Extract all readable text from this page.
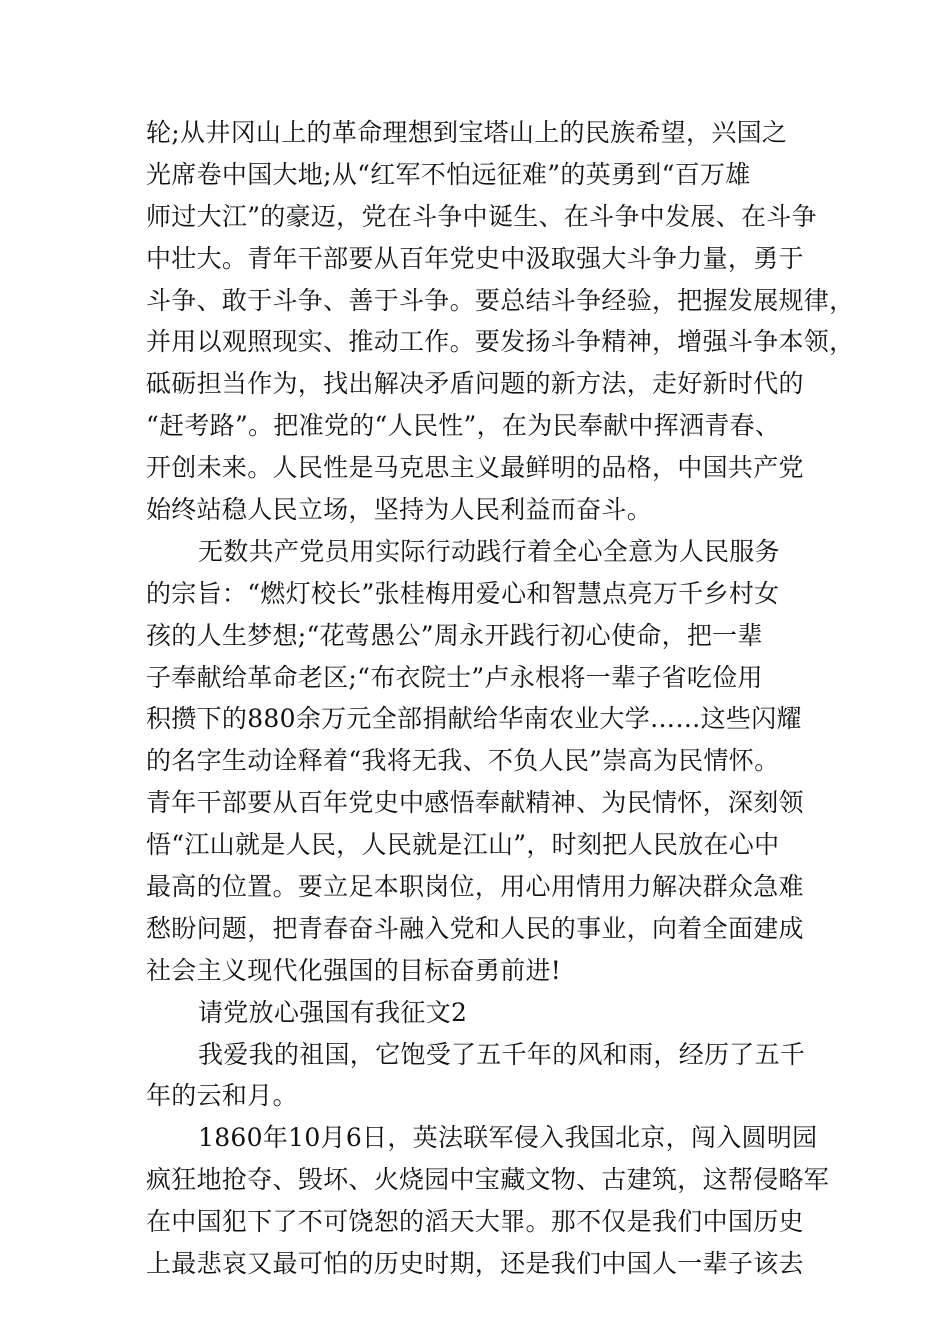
轮;从井冈山上的革命理想到宝塔山上的民族希望，兴国之
光席卷中国大地;从“红军不怕远征难”的英勇到“百万雄
师过大江”的豪迈，党在斗争中诞生、在斗争中发展、在斗争
中壮大。青年干部要从百年党史中汲取强大斗争力量，勇于
斗争、敢于斗争、善于斗争。要总结斗争经验，把握发展规律，
并用以观照现实、推动工作。要发扬斗争精神，增强斗争本领，
砥砺担当作为，找出解决矛盾问题的新方法，走好新时代的
“赶考路”。把准党的“人民性”，在为民奉献中挥洒青春、
开创未来。人民性是马克思主义最鲜明的品格，中国共产党
始终站稳人民立场，坚持为人民利益而奋斗。
无数共产党员用实际行动践行着全心全意为人民服务
的宗旨：“燃灯校长”张桂梅用爱心和智慧点亮万千乡村女
孩的人生梦想;“花莺愚公”周永开践行初心使命，把一辈
子奉献给革命老区;“布衣院士”卢永根将一辈子省吃俭用
积攒下的880余万元全部捐献给华南农业大学……这些闪耀
的名字生动诠释着“我将无我、不负人民”崇高为民情怀。
青年干部要从百年党史中感悟奉献精神、为民情怀，深刻领
悟“江山就是人民，人民就是江山”，时刻把人民放在心中
最高的位置。要立足本职岗位，用心用情用力解决群众急难
愁盼问题，把青春奋斗融入党和人民的事业，向着全面建成
社会主义现代化强国的目标奋勇前进!
请党放心强国有我征文2
我爱我的祖国，它饱受了五千年的风和雨，经历了五千
年的云和月。
1860年10月6日，英法联军侵入我国北京，闯入圆明园
疯狂地抢夺、毁坏、火烧园中宝藏文物、古建筑，这帮侵略军
在中国犯下了不可饶恕的滔天大罪。那不仅是我们中国历史
上最悲哀又最可怕的历史时期，还是我们中国人一辈子该去
